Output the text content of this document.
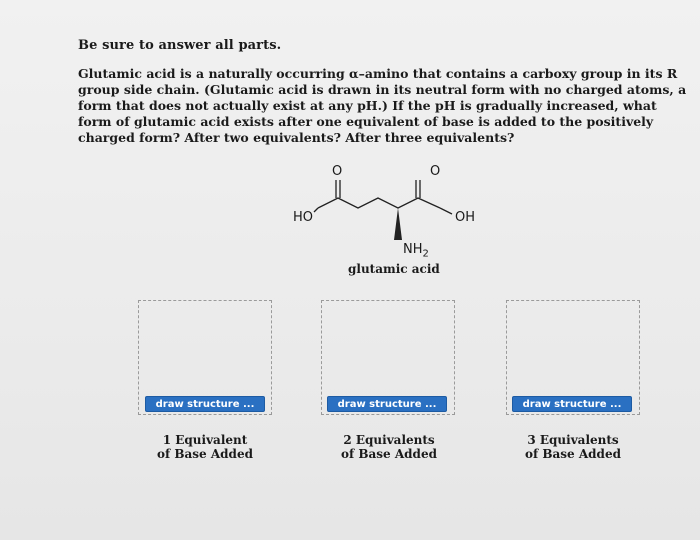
Be sure to answer all parts.

Glutamic acid is a naturally occurring α–amino that contains a carboxy group in its R group side chain. (Glutamic acid is drawn in its neutral form with no charged atoms, a form that does not actually exist at any pH.) If the pH is gradually increased, what form of glutamic acid exists after one equivalent of base is added to the positively charged form? After two equivalents? After three equivalents?

HO	OH
O	O
$NH_2$
glutamic acid
draw structure ...	draw structure ...	draw structure ...
1 Equivalent
of Base Added
2 Equivalents
of Base Added
3 Equivalents
of Base Added
